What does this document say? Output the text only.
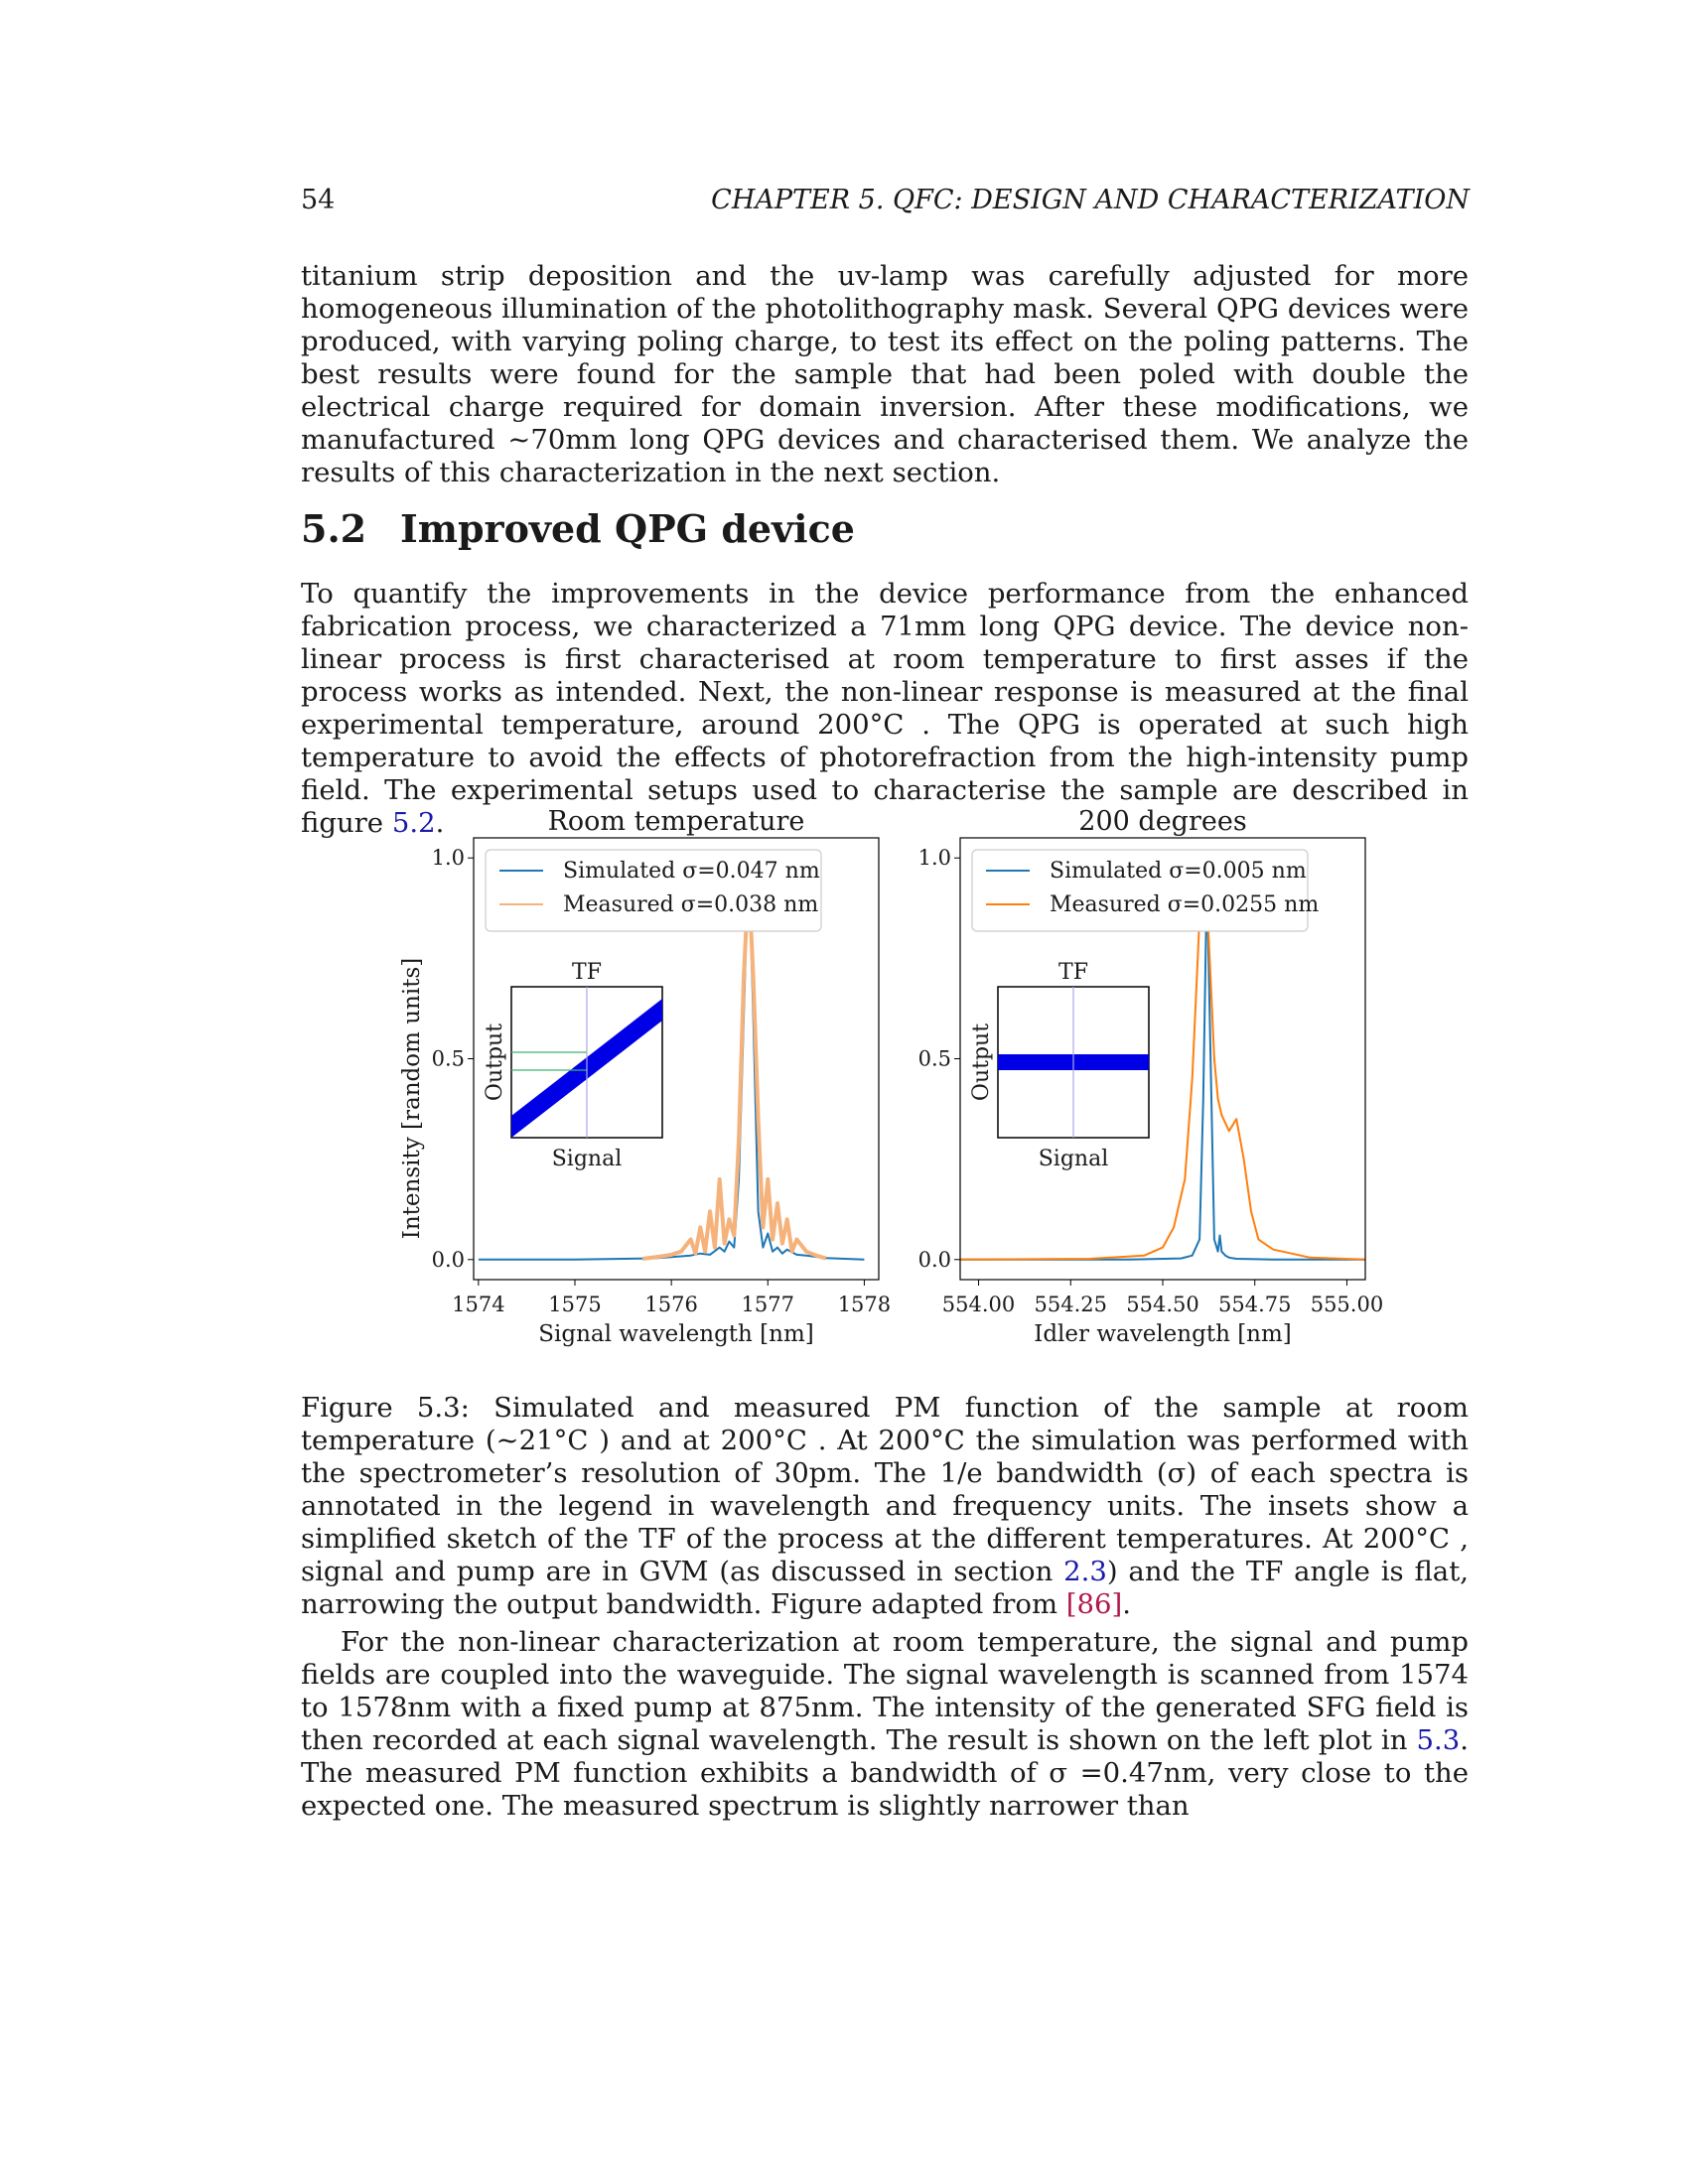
54	CHAPTER 5. QFC: DESIGN AND CHARACTERIZATION

titanium strip deposition and the uv-lamp was carefully adjusted for more homogeneous illumination of the photolithography mask. Several QPG devices were produced, with varying poling charge, to test its effect on the poling patterns. The best results were found for the sample that had been poled with double the electrical charge required for domain inversion. After these modifications, we manufactured ~70mm long QPG devices and characterised them. We analyze the results of this characterization in the next section.

5.2 Improved QPG device

To quantify the improvements in the device performance from the enhanced fabrication process, we characterized a 71mm long QPG device. The device non-linear process is first characterised at room temperature to first asses if the process works as intended. Next, the non-linear response is measured at the final experimental temperature, around 200°C . The QPG is operated at such high temperature to avoid the effects of photorefraction from the high-intensity pump field. The experimental setups used to characterise the sample are described in figure 5.2.	Room temperature
1574 1575 1576 1577 1578
0.0
0.5
1.0
Signal wavelength [nm]
Intensity [random units]
Simulated σ=0.047 nm
Measured σ=0.038 nm
TF
Signal
Output
200 degrees
554.00 554.25 554.50 554.75 555.00
0.0
0.5
1.0
Idler wavelength [nm]
Simulated σ=0.005 nm
Measured σ=0.0255 nm
TF
Signal
Output

Figure 5.3: Simulated and measured PM function of the sample at room temperature (~21°C ) and at 200°C . At 200°C the simulation was performed with the spectrometer’s resolution of 30pm. The 1/e bandwidth (σ) of each spectra is annotated in the legend in wavelength and frequency units. The insets show a simplified sketch of the TF of the process at the different temperatures. At 200°C , signal and pump are in GVM (as discussed in section 2.3) and the TF angle is flat, narrowing the output bandwidth. Figure adapted from [86].

For the non-linear characterization at room temperature, the signal and pump fields are coupled into the waveguide. The signal wavelength is scanned from 1574 to 1578nm with a fixed pump at 875nm. The intensity of the generated SFG field is then recorded at each signal wavelength. The result is shown on the left plot in 5.3. The measured PM function exhibits a bandwidth of σ =0.47nm, very close to the expected one. The measured spectrum is slightly narrower than
